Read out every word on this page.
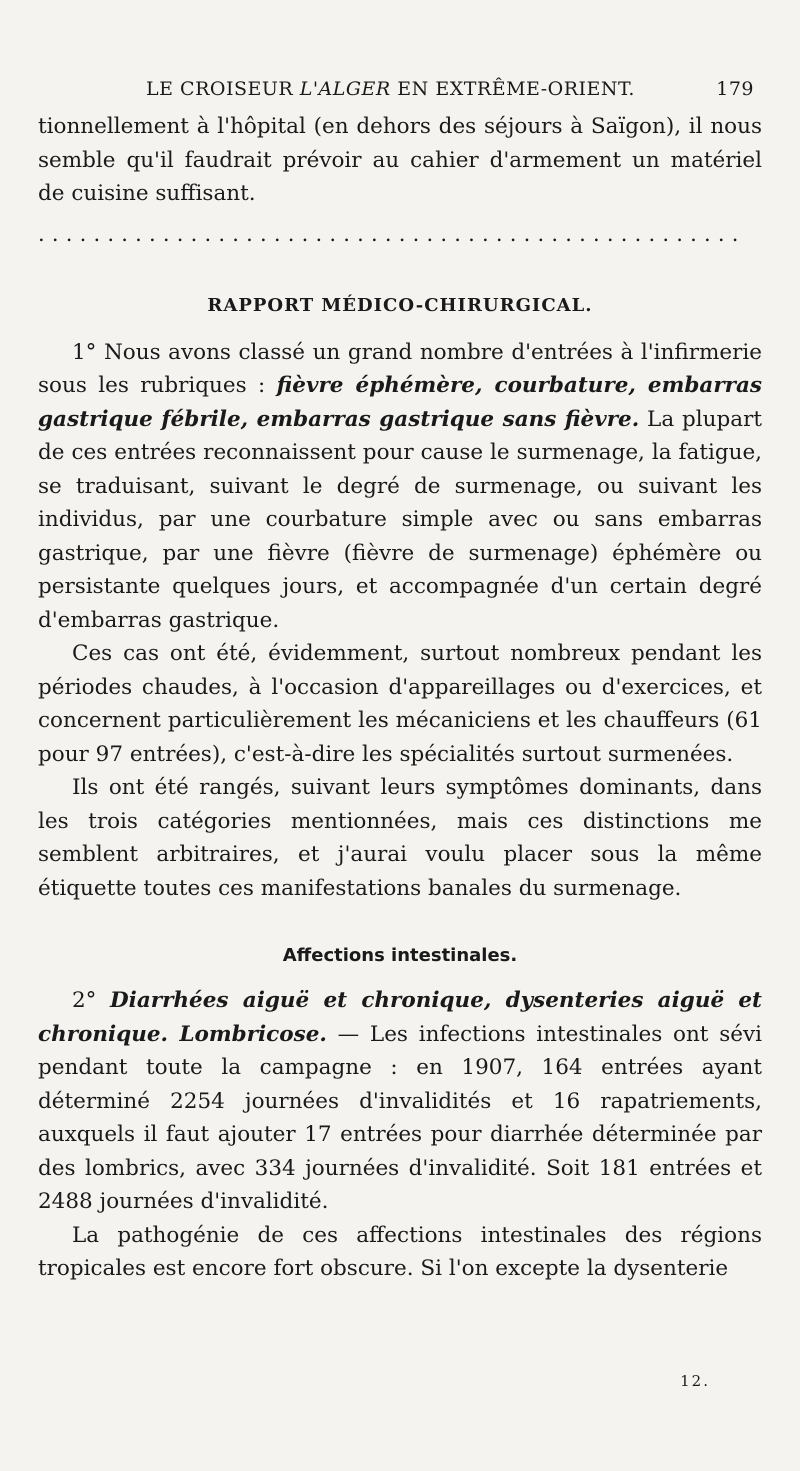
LE CROISEUR L'ALGER EN EXTRÊME-ORIENT.	179

tionnellement à l'hôpital (en dehors des séjours à Saïgon), il nous semble qu'il faudrait prévoir au cahier d'armement un matériel de cuisine suffisant.

...................................................
RAPPORT MÉDICO-CHIRURGICAL.

1° Nous avons classé un grand nombre d'entrées à l'infirmerie sous les rubriques : fièvre éphémère, courbature, embarras gastrique fébrile, embarras gastrique sans fièvre. La plupart de ces entrées reconnaissent pour cause le surmenage, la fatigue, se traduisant, suivant le degré de surmenage, ou suivant les individus, par une courbature simple avec ou sans embarras gastrique, par une fièvre (fièvre de surmenage) éphémère ou persistante quelques jours, et accompagnée d'un certain degré d'embarras gastrique.

Ces cas ont été, évidemment, surtout nombreux pendant les périodes chaudes, à l'occasion d'appareillages ou d'exercices, et concernent particulièrement les mécaniciens et les chauffeurs (61 pour 97 entrées), c'est-à-dire les spécialités surtout surmenées.

Ils ont été rangés, suivant leurs symptômes dominants, dans les trois catégories mentionnées, mais ces distinctions me semblent arbitraires, et j'aurai voulu placer sous la même étiquette toutes ces manifestations banales du surmenage.

Affections intestinales.

2° Diarrhées aiguë et chronique, dysenteries aiguë et chronique. Lombricose. — Les infections intestinales ont sévi pendant toute la campagne : en 1907, 164 entrées ayant déterminé 2254 journées d'invalidités et 16 rapatriements, auxquels il faut ajouter 17 entrées pour diarrhée déterminée par des lombrics, avec 334 journées d'invalidité. Soit 181 entrées et 2488 journées d'invalidité.

La pathogénie de ces affections intestinales des régions tropicales est encore fort obscure. Si l'on excepte la dysenterie

12.
